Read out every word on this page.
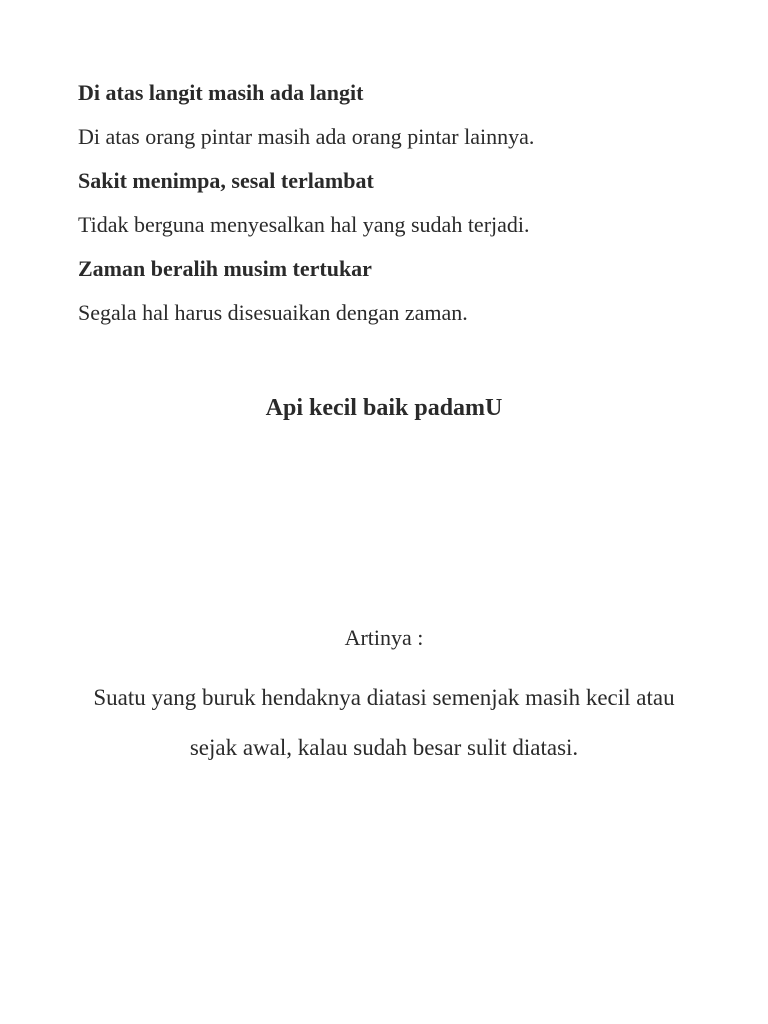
Di atas langit masih ada langit

Di atas orang pintar masih ada orang pintar lainnya.

Sakit menimpa, sesal terlambat

Tidak berguna menyesalkan hal yang sudah terjadi.

Zaman beralih musim tertukar

Segala hal harus disesuaikan dengan zaman.

Api kecil baik padamU

Artinya :

Suatu yang buruk hendaknya diatasi semenjak masih kecil atau sejak awal, kalau sudah besar sulit diatasi.
